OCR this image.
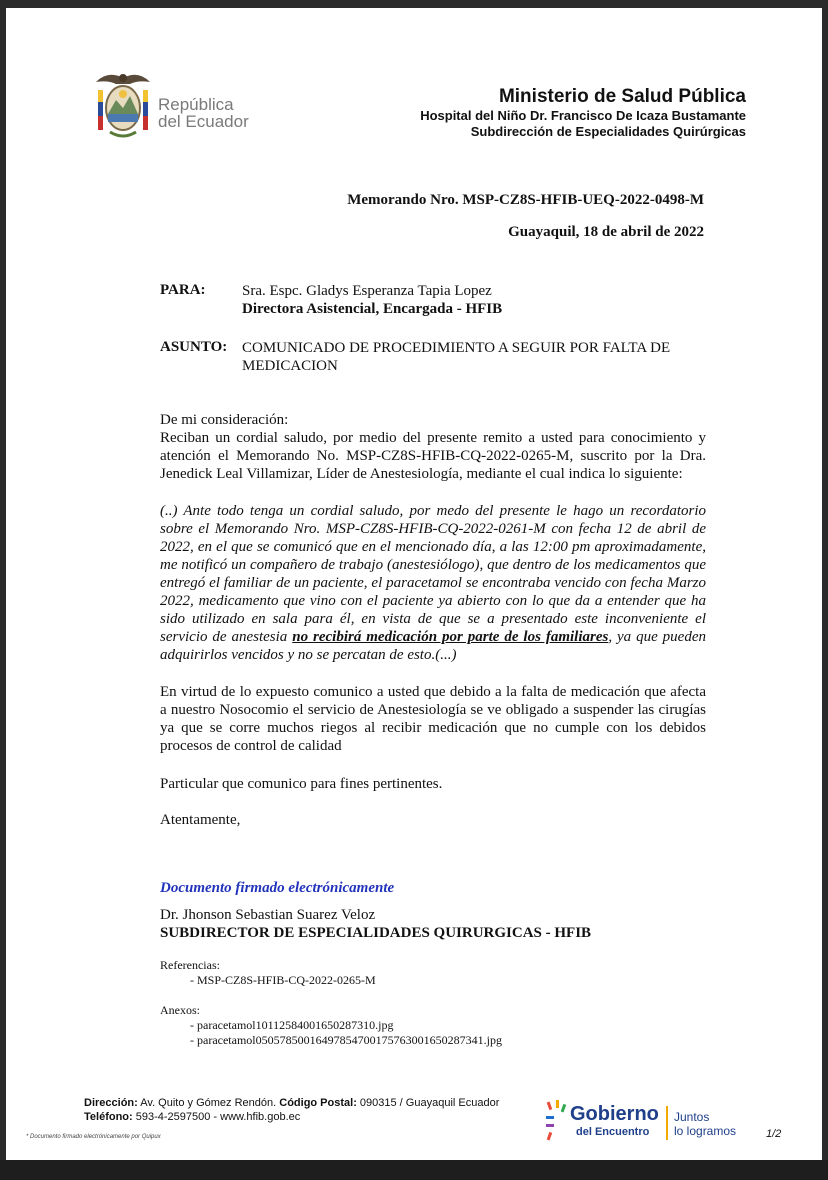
República
del Ecuador
Ministerio de Salud Pública
Hospital del Niño Dr. Francisco De Icaza Bustamante
Subdirección de Especialidades Quirúrgicas
Memorando Nro. MSP-CZ8S-HFIB-UEQ-2022-0498-M
Guayaquil, 18 de abril de 2022
PARA: Sra. Espc. Gladys Esperanza Tapia Lopez
Directora Asistencial, Encargada - HFIB
ASUNTO: COMUNICADO DE PROCEDIMIENTO A SEGUIR POR FALTA DE MEDICACION
De mi consideración:
Reciban un cordial saludo, por medio del presente remito a usted para conocimiento y atención el Memorando No. MSP-CZ8S-HFIB-CQ-2022-0265-M, suscrito por la Dra. Jenedick Leal Villamizar, Líder de Anestesiología, mediante el cual indica lo siguiente:
(..) Ante todo tenga un cordial saludo, por medo del presente le hago un recordatorio sobre el Memorando Nro. MSP-CZ8S-HFIB-CQ-2022-0261-M con fecha 12 de abril de 2022, en el que se comunicó que en el mencionado día, a las 12:00 pm aproximadamente, me notificó un compañero de trabajo (anestesiólogo), que dentro de los medicamentos que entregó el familiar de un paciente, el paracetamol se encontraba vencido con fecha Marzo 2022, medicamento que vino con el paciente ya abierto con lo que da a entender que ha sido utilizado en sala para él, en vista de que se a presentado este inconveniente el servicio de anestesia no recibirá medicación por parte de los familiares, ya que pueden adquirirlos vencidos y no se percatan de esto.(...)
En virtud de lo expuesto comunico a usted que debido a la falta de medicación que afecta a nuestro Nosocomio el servicio de Anestesiología se ve obligado a suspender las cirugías ya que se corre muchos riegos al recibir medicación que no cumple con los debidos procesos de control de calidad
Particular que comunico para fines pertinentes.
Atentamente,
Documento firmado electrónicamente
Dr. Jhonson Sebastian Suarez Veloz
SUBDIRECTOR DE ESPECIALIDADES QUIRURGICAS - HFIB
Referencias:
- MSP-CZ8S-HFIB-CQ-2022-0265-M
Anexos:
- paracetamol1011258400165028731​0.jpg
- paracetamol05057850016497854700175763001650287341.jpg
Dirección: Av. Quito y Gómez Rendón. Código Postal: 090315 / Guayaquil Ecuador
Teléfono: 593-4-2597500 - www.hfib.gob.ec
* Documento firmado electrónicamente por Quipux
Gobierno
del Encuentro
Juntos
lo logramos	1/2
